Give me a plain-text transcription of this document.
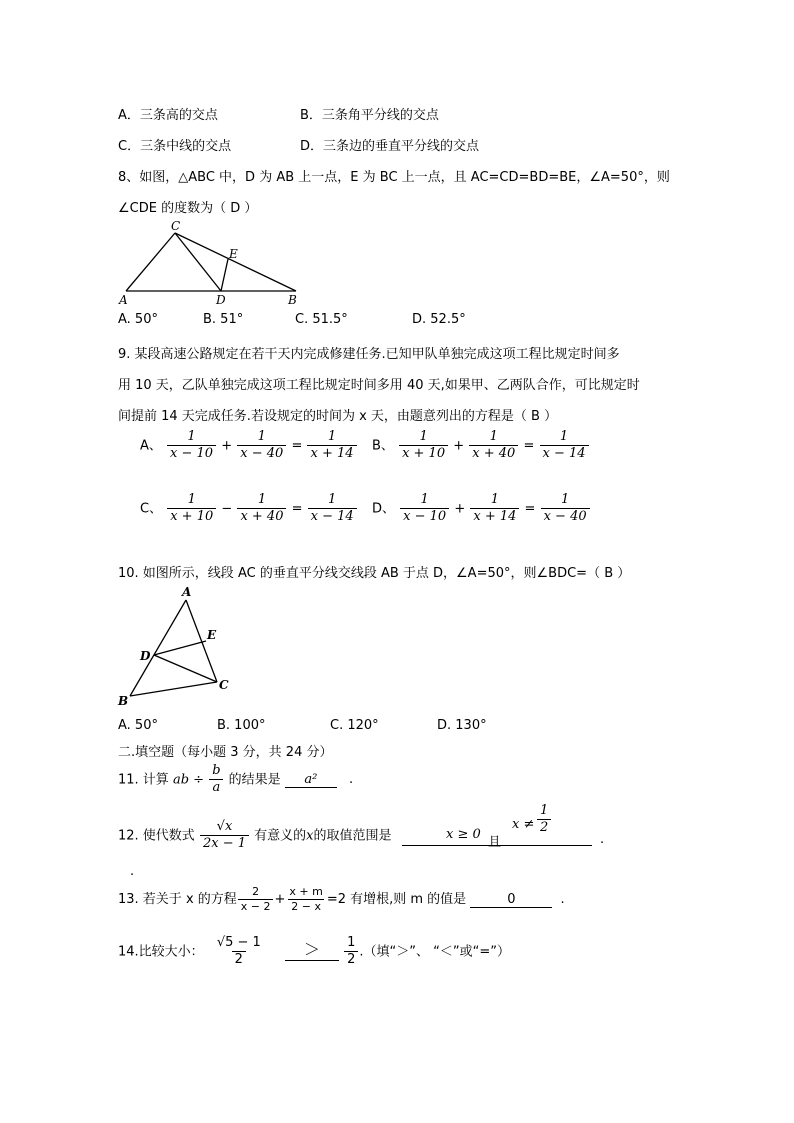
A．三条高的交点	B．三条角平分线的交点
C．三条中线的交点	D．三条边的垂直平分线的交点
8、如图，△ABC 中，D 为 AB 上一点，E 为 BC 上一点，且 AC=CD=BD=BE，∠A=50°，则
∠CDE 的度数为（ D ）
C
E
A	D	B
A. 50°	B. 51°	C. 51.5°	D. 52.5°
9. 某段高速公路规定在若干天内完成修建任务.已知甲队单独完成这项工程比规定时间多
用 10 天，乙队单独完成这项工程比规定时间多用 40 天,如果甲、乙两队合作，可比规定时
间提前 14 天完成任务.若设规定的时间为 x 天，由题意列出的方程是（ B ）
A、 $\frac{1}{x - 10} + \frac{1}{x - 40} = \frac{1}{x + 14}$ B、 $\frac{1}{x + 10} + \frac{1}{x + 40} = \frac{1}{x - 14}$
C、 $\frac{1}{x + 10} - \frac{1}{x + 40} = \frac{1}{x - 14}$ D、 $\frac{1}{x - 10} + \frac{1}{x + 14} = \frac{1}{x - 40}$
10. 如图所示，线段 AC 的垂直平分线交线段 AB 于点 D，∠A=50°，则∠BDC=（ B ）
A
E
D
C
B
A. 50°	B. 100°	C. 120°	D. 130°
二.填空题（每小题 3 分，共 24 分）
11. 计算 ab ÷ $\frac{b}{a}$ 的结果是 a² .
12. 使代数式 $\frac{√x}{2x - 1}$ 有意义的x的取值范围是	x ≥ 0
且
$x \ne \frac{1}{2}$
.
.
13. 若关于 x 的方程 $\frac{2}{x - 2} + \frac{x + m}{2 - x} =2$ 有增根,则 m 的值是	0	.
14.比较大小： $\frac{√5 - 1}{2}$	＞ $\frac{1}{2}$ .（填“＞”、 “＜”或“=”）
